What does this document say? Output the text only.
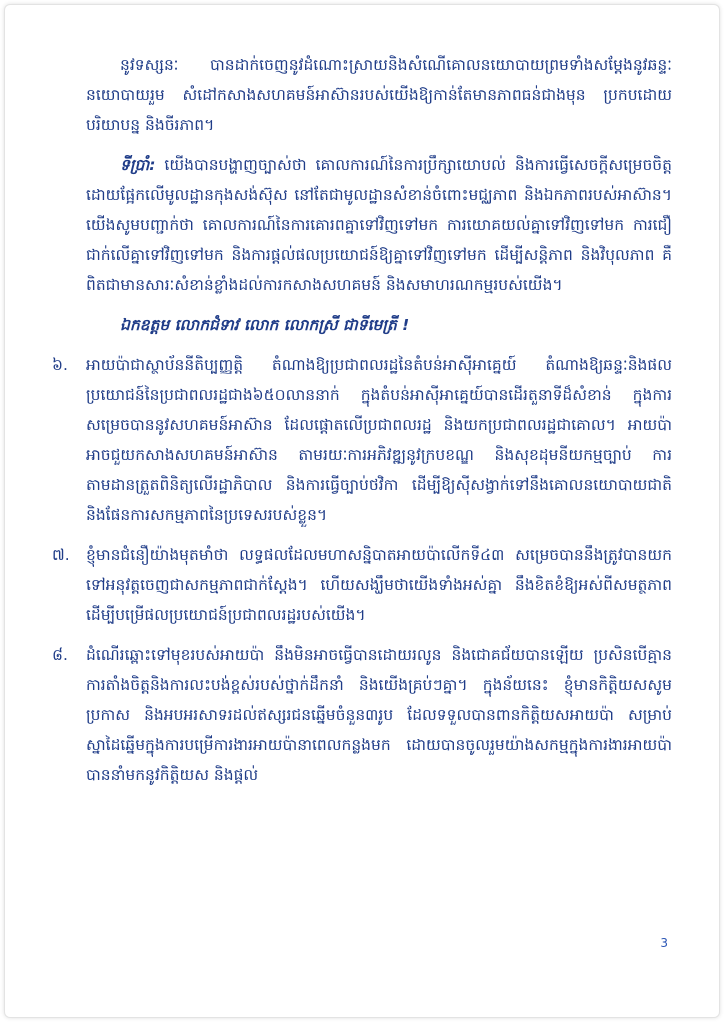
នូវទស្សនៈ បានដាក់ចេញនូវដំណោះស្រាយនិងសំណើគោលនយោបាយព្រមទាំងសម្តែងនូវឆន្ទៈនយោបាយរួម សំដៅកសាងសហគមន៍អាស៊ានរបស់យើងឱ្យកាន់តែមានភាពធន់ជាងមុន ប្រកបដោយបរិយាបន្ន និងចីរភាព។

ទីប្រាំ: យើងបានបង្ហាញច្បាស់ថា គោលការណ៍នៃការប្រឹក្សាយោបល់ និងការធ្វើសេចក្តីសម្រេចចិត្តដោយផ្អែកលើមូលដ្ឋានកុងសង់ស៊ុស នៅតែជាមូលដ្ឋានសំខាន់ចំពោះមជ្ឈភាព និងឯកភាពរបស់អាស៊ាន។ យើងសូមបញ្ជាក់ថា គោលការណ៍នៃការគោរពគ្នាទៅវិញទៅមក ការយោគយល់គ្នាទៅវិញទៅមក ការជឿជាក់លើគ្នាទៅវិញទៅមក និងការផ្តល់ផលប្រយោជន៍ឱ្យគ្នាទៅវិញទៅមក ដើម្បីសន្តិភាព និងវិបុលភាព គឺពិតជាមានសារៈសំខាន់ខ្លាំងដល់ការកសាងសហគមន៍ និងសមាហរណកម្មរបស់យើង។

ឯកឧត្តម លោកជំទាវ លោក លោកស្រី ជាទីមេត្រី !

៦.	អាយប៉ាជាស្ថាប័ននីតិប្បញ្ញត្តិ តំណាងឱ្យប្រជាពលរដ្ឋនៃតំបន់អាស៊ីអាគ្នេយ៍ តំណាងឱ្យឆន្ទៈនិងផលប្រយោជន៍នៃប្រជាពលរដ្ឋជាង៦៥០លាននាក់ ក្នុងតំបន់អាស៊ីអាគ្នេយ៍បានដើរតួនាទីដ៏សំខាន់ ក្នុងការសម្រេចបាននូវសហគមន៍អាស៊ាន ដែលផ្តោតលើប្រជាពលរដ្ឋ និងយកប្រជាពលរដ្ឋជាគោល។ អាយប៉ាអាចជួយកសាងសហគមន៍អាស៊ាន តាមរយៈការអភិវឌ្ឍនូវក្របខណ្ឌ និងសុខដុមនីយកម្មច្បាប់ ការតាមដានត្រួតពិនិត្យលើរដ្ឋាភិបាល និងការធ្វើច្បាប់ថវិកា ដើម្បីឱ្យស៊ីសង្វាក់ទៅនឹងគោលនយោបាយជាតិ និងផែនការសកម្មភាពនៃប្រទេសរបស់ខ្លួន។
៧.	ខ្ញុំមានជំនឿយ៉ាងមុតមាំថា លទ្ធផលដែលមហាសន្និបាតអាយប៉ាលើកទី៤៣ សម្រេចបាននឹងត្រូវបានយកទៅអនុវត្តចេញជាសកម្មភាពជាក់ស្តែង។ ហើយសង្ឃឹមថាយើងទាំងអស់គ្នា នឹងខិតខំឱ្យអស់ពីសមត្ថភាពដើម្បីបម្រើផលប្រយោជន៍ប្រជាពលរដ្ឋរបស់យើង។
៨.	ដំណើរឆ្ពោះទៅមុខរបស់អាយប៉ា នឹងមិនអាចធ្វើបានដោយរលូន និងជោគជ័យបានឡើយ ប្រសិនបើគ្មានការតាំងចិត្តនិងការលះបង់ខ្ពស់របស់ថ្នាក់ដឹកនាំ និងយើងគ្រប់ៗគ្នា។ ក្នុងន័យនេះ ខ្ញុំមានកិត្តិយសសូមប្រកាស និងអបអរសាទរដល់ឥស្សរជនឆ្នើមចំនួន៣រូប ដែលទទួលបានពានកិត្តិយសអាយប៉ា សម្រាប់ស្នាដៃឆ្នើមក្នុងការបម្រើការងារអាយប៉ានាពេលកន្លងមក ដោយបានចូលរួមយ៉ាងសកម្មក្នុងការងារអាយប៉ា បាននាំមកនូវកិត្តិយស និងផ្តល់
3
